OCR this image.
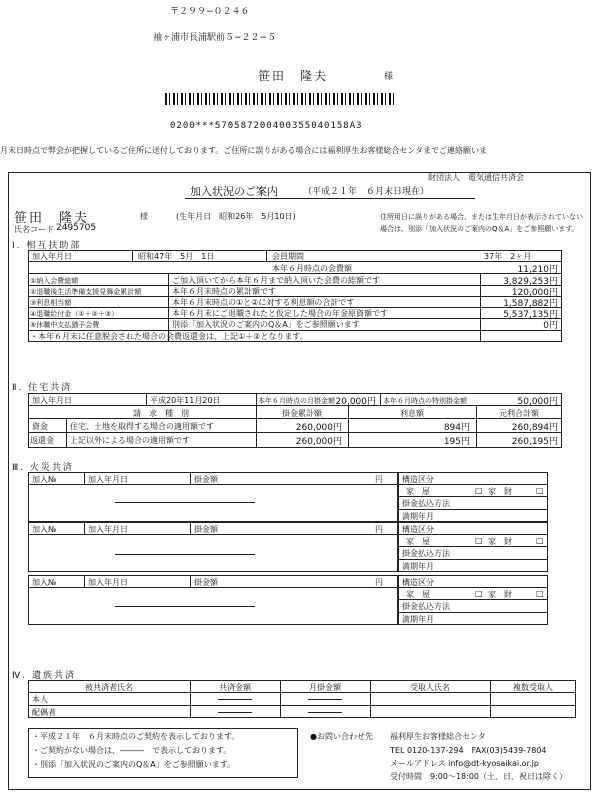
〒２９９−０２４６
袖ヶ浦市長浦駅前５−２２−５
笹田　隆夫	様
0200***570587200400355040158A3
月末日時点で弊会が把握しているご住所に送付しております。ご住所に誤りがある場合には福利厚生お客様総合センタまでご連絡願いま
財団法人 電気通信共済会
加入状況のご案内	（平成２１年　６月末日現在）
笹田　隆夫	様	(生年月日　昭和26年　5月10日)
氏名コード 2495705
住所用日に誤りがある場合、または生年月日が表示されていない
場合は、別添「加入状況のご案内のQ＆A」をご参照願います。
Ⅰ. 相互扶助部
加入年月日	昭和47年　5月　1日	会員期間	37年　2ヶ月
本年６月時点の会費額	11,210円
①納入会費総額	ご加入頂いてから本年６月まで納入頂いた会費の総額です	3,829,253円
②退職後生活準備支援見舞金累計額	本年６月末時点の累計額です	120,000円
③利息相当額	本年６月末時点の①と②に対する利息額の合計です	1,587,882円
④退職給付金（①＋②＋③）	本年６月末にご退職されたと仮定した場合の年金原資額です	5,537,135円
⑤休職中支払猶予会費	別添「加入状況のご案内のQ＆A」をご参照願います	0円
・本年６月末に任意脱会された場合の会費返還金は、上記①＋②となります。
Ⅱ. 住宅共済
加入年月日	平成20年11月20日	本年６月時点の月掛金額 20,000円 本年６月時点の特別掛金額	50,000円
請　求　種　別	掛金累計額	利息額	元利合計額
資金	住宅、土地を取得する場合の適用額です	260,000円	894円	260,894円
返還金 上記以外による場合の適用額です	260,000円	195円	260,195円
Ⅲ. 火災共済
加入№	加入年月日	掛金額	円 構造区分
家　屋	□ 家　財	□
掛金払込方法
満期年月
加入№	加入年月日	掛金額	円 構造区分
家　屋	□ 家　財	□
掛金払込方法
満期年月
加入№	加入年月日	掛金額	円 構造区分
家　屋	□ 家　財	□
掛金払込方法
満期年月
Ⅳ. 遺族共済
被共済者氏名	共済金額	月掛金額	受取人氏名	複数受取人
本人
配偶者
・平成２１年　６月末時点のご契約を表示しております。
・ご契約がない場合は、―――　で表示しております。
・別添「加入状況のご案内のQ＆A」をご参照願います。
●お問い合わせ先 福利厚生お客様総合センタ
TEL 0120-137-294　FAX(03)5439-7804
メールアドレス info@dt-kyosaikai.or.jp
受付時間　9:00～18:00（土、日、祝日は除く）
